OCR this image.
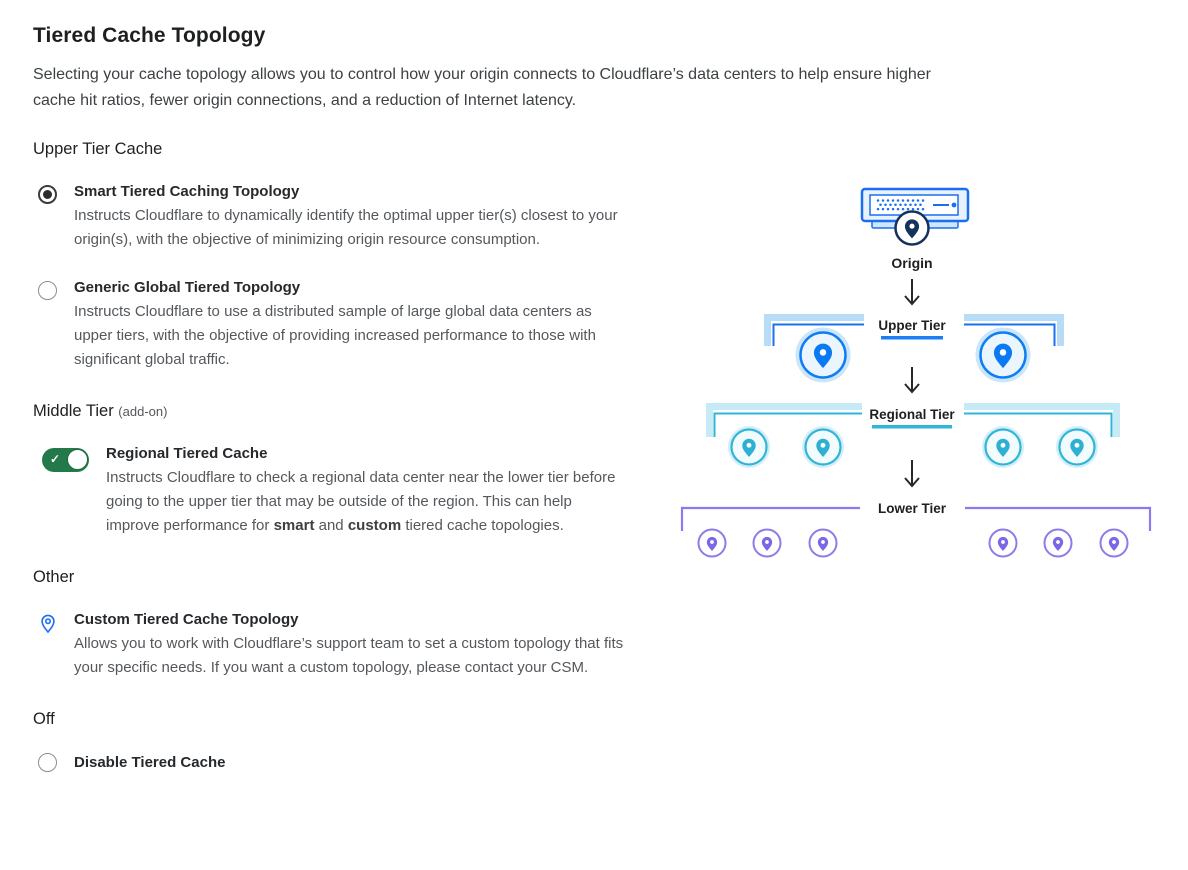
Tiered Cache Topology

Selecting your cache topology allows you to control how your origin connects to Cloudflare’s data centers to help ensure higher cache hit ratios, fewer origin connections, and a reduction of Internet latency.

Upper Tier Cache

Smart Tiered Caching Topology

Instructs Cloudflare to dynamically identify the optimal upper tier(s) closest to your origin(s), with the objective of minimizing origin resource consumption.

Generic Global Tiered Topology

Instructs Cloudflare to use a distributed sample of large global data centers as upper tiers, with the objective of providing increased performance to those with significant global traffic.

Middle Tier (add-on)
✓	Regional Tiered Cache

Instructs Cloudflare to check a regional data center near the lower tier before going to the upper tier that may be outside of the region. This can help improve performance for smart and custom tiered cache topologies.

Other

Custom Tiered Cache Topology

Allows you to work with Cloudflare’s support team to set a custom topology that fits your specific needs. If you want a custom topology, please contact your CSM.

Off

Disable Tiered Cache

Origin
Upper Tier
Regional Tier
Lower Tier
